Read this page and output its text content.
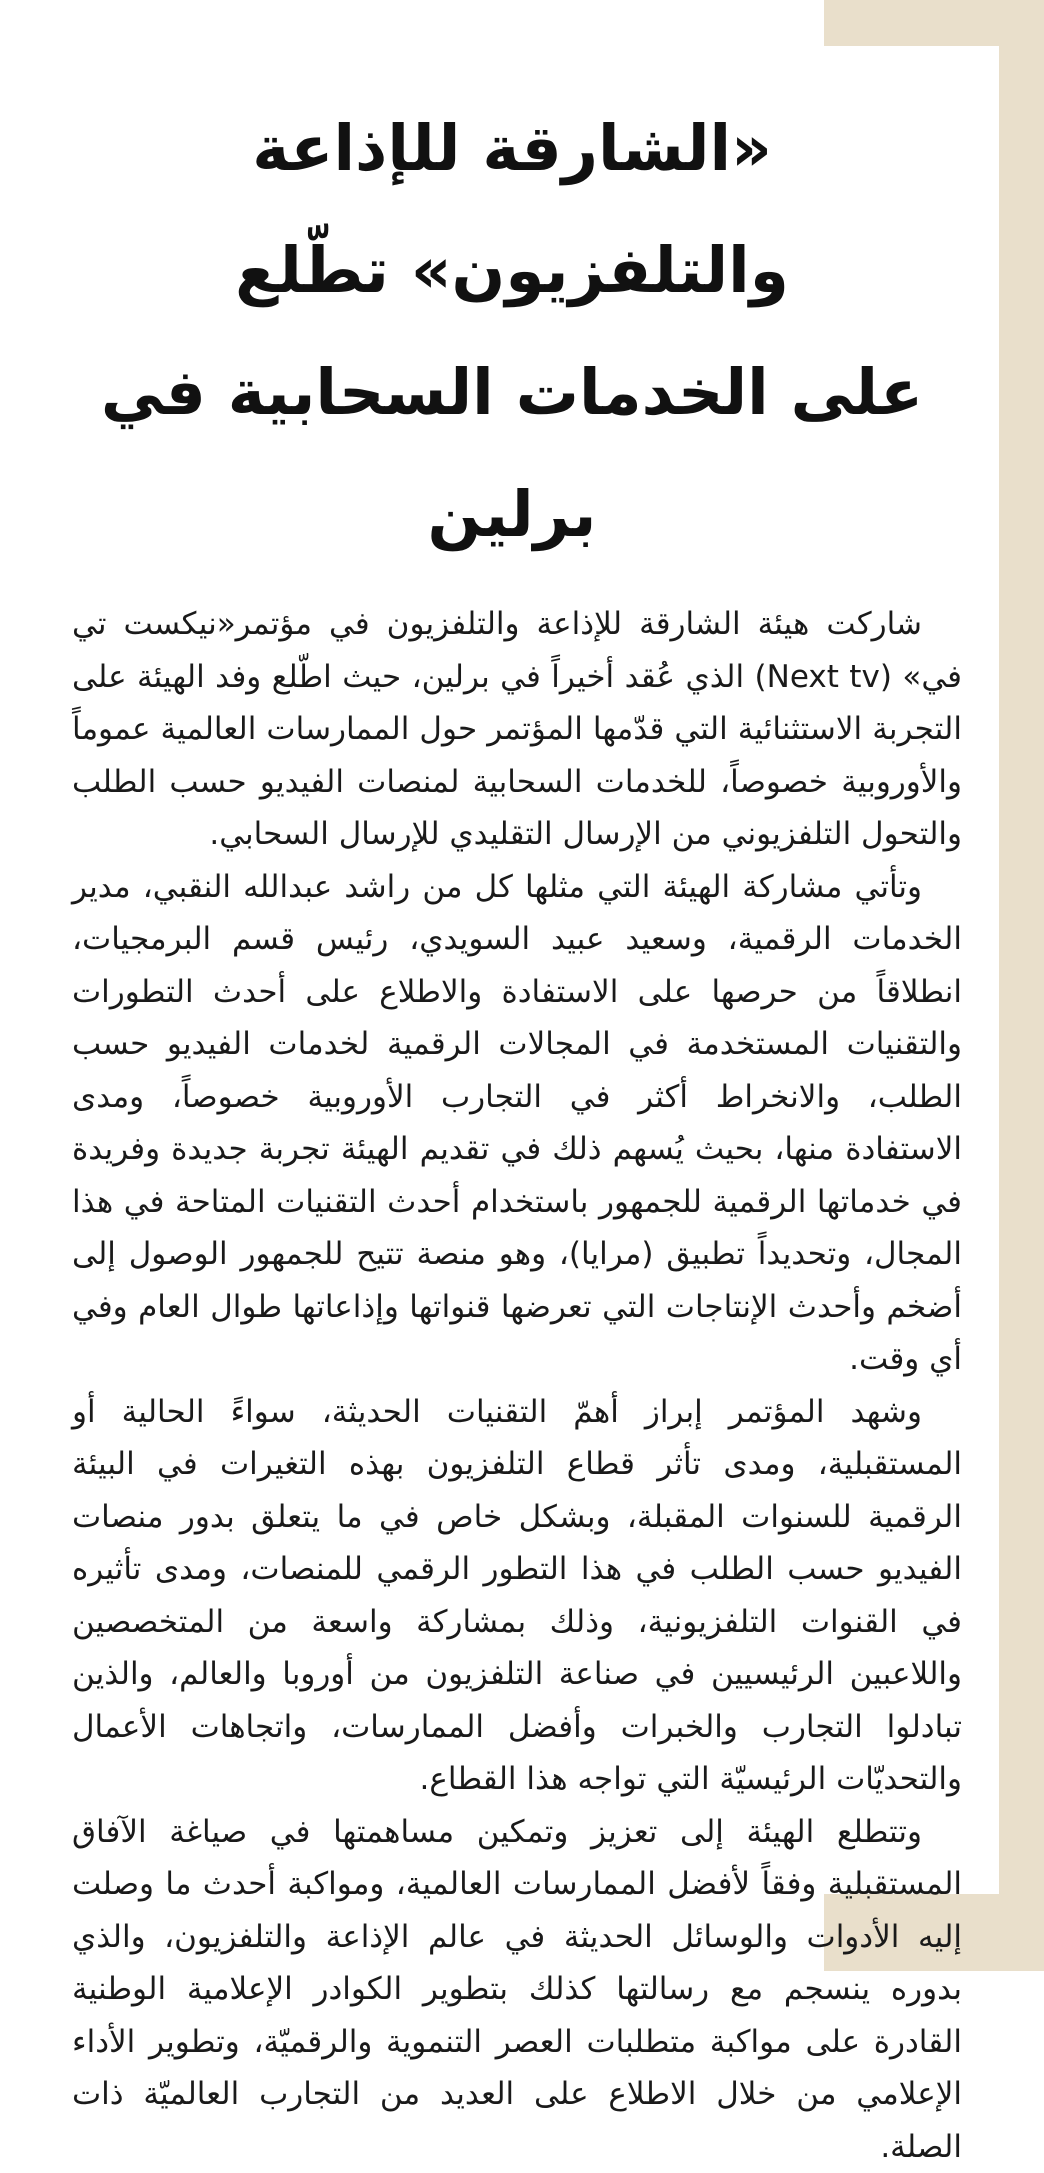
«الشارقة للإذاعة والتلفزيون» تطّلع
على الخدمات السحابية في برلين

شاركت هيئة الشارقة للإذاعة والتلفزيون في مؤتمر«نيكست تي في» (Next tv) الذي عُقد أخيراً في برلين، حيث اطّلع وفد الهيئة على التجربة الاستثنائية التي قدّمها المؤتمر حول الممارسات العالمية عموماً والأوروبية خصوصاً، للخدمات السحابية لمنصات الفيديو حسب الطلب والتحول التلفزيوني من الإرسال التقليدي للإرسال السحابي.

وتأتي مشاركة الهيئة التي مثلها كل من راشد عبدالله النقبي، مدير الخدمات الرقمية، وسعيد عبيد السويدي، رئيس قسم البرمجيات، انطلاقاً من حرصها على الاستفادة والاطلاع على أحدث التطورات والتقنيات المستخدمة في المجالات الرقمية لخدمات الفيديو حسب الطلب، والانخراط أكثر في التجارب الأوروبية خصوصاً، ومدى الاستفادة منها، بحيث يُسهم ذلك في تقديم الهيئة تجربة جديدة وفريدة في خدماتها الرقمية للجمهور باستخدام أحدث التقنيات المتاحة في هذا المجال، وتحديداً تطبيق (مرايا)، وهو منصة تتيح للجمهور الوصول إلى أضخم وأحدث الإنتاجات التي تعرضها قنواتها وإذاعاتها طوال العام وفي أي وقت.

وشهد المؤتمر إبراز أهمّ التقنيات الحديثة، سواءً الحالية أو المستقبلية، ومدى تأثر قطاع التلفزيون بهذه التغيرات في البيئة الرقمية للسنوات المقبلة، وبشكل خاص في ما يتعلق بدور منصات الفيديو حسب الطلب في هذا التطور الرقمي للمنصات، ومدى تأثيره في القنوات التلفزيونية، وذلك بمشاركة واسعة من المتخصصين واللاعبين الرئيسيين في صناعة التلفزيون من أوروبا والعالم، والذين تبادلوا التجارب والخبرات وأفضل الممارسات، واتجاهات الأعمال والتحديّات الرئيسيّة التي تواجه هذا القطاع.

وتتطلع الهيئة إلى تعزيز وتمكين مساهمتها في صياغة الآفاق المستقبلية وفقاً لأفضل الممارسات العالمية، ومواكبة أحدث ما وصلت إليه الأدوات والوسائل الحديثة في عالم الإذاعة والتلفزيون، والذي بدوره ينسجم مع رسالتها كذلك بتطوير الكوادر الإعلامية الوطنية القادرة على مواكبة متطلبات العصر التنموية والرقميّة، وتطوير الأداء الإعلامي من خلال الاطلاع على العديد من التجارب العالميّة ذات الصلة.
